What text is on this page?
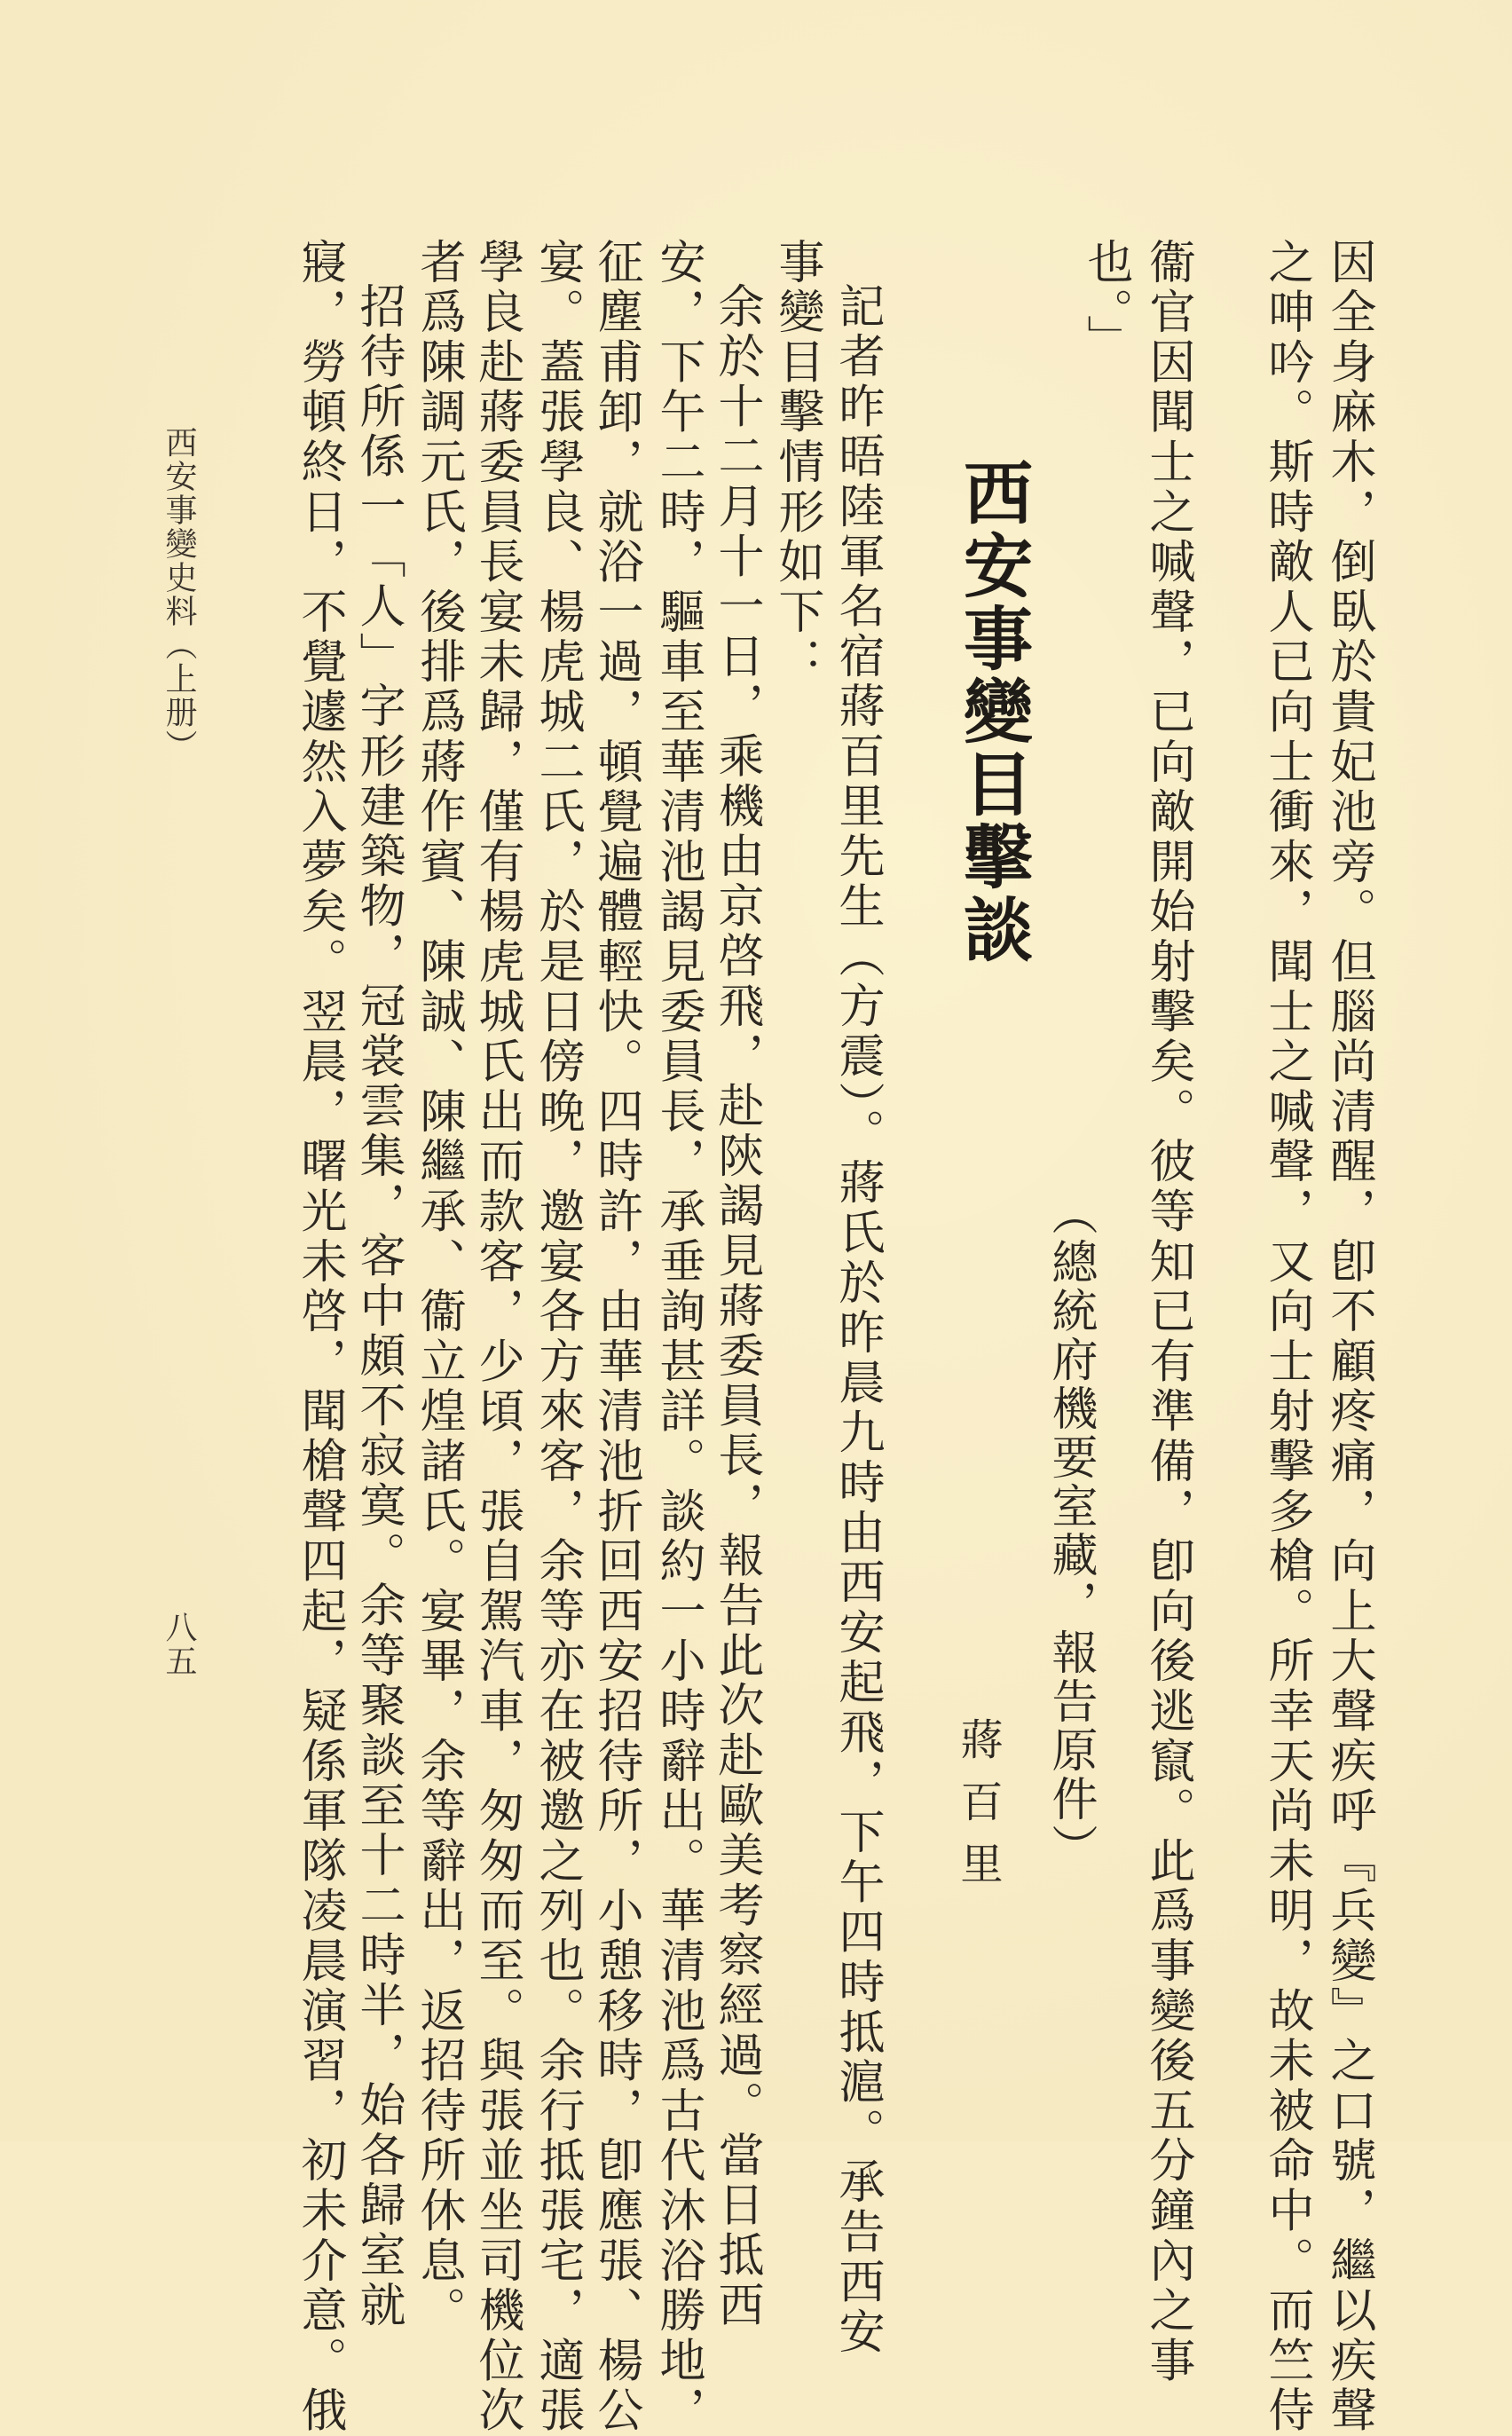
因全身麻木，倒臥於貴妃池旁。但腦尚清醒，卽不顧疼痛，向上大聲疾呼『兵變』之口號，繼以疾聲
之呻吟。斯時敵人已向士衝來，聞士之喊聲，又向士射擊多槍。所幸天尚未明，故未被命中。而竺侍
衞官因聞士之喊聲，已向敵開始射擊矣。彼等知已有準備，卽向後逃竄。此爲事變後五分鐘內之事
也。」
（總統府機要室藏，報告原件）
西安事變目擊談
蔣百里
記者昨晤陸軍名宿蔣百里先生（方震）。蔣氏於昨晨九時由西安起飛，下午四時抵滬。承告西安
事變目擊情形如下：
余於十二月十一日，乘機由京啓飛，赴陝謁見蔣委員長，報告此次赴歐美考察經過。當日抵西
安，下午二時，驅車至華清池謁見委員長，承垂詢甚詳。談約一小時辭出。華清池爲古代沐浴勝地，
征塵甫卸，就浴一過，頓覺遍體輕快。四時許，由華清池折回西安招待所，小憩移時，卽應張、楊公
宴。蓋張學良、楊虎城二氏，於是日傍晚，邀宴各方來客，余等亦在被邀之列也。余行抵張宅，適張
學良赴蔣委員長宴未歸，僅有楊虎城氏出而款客，少頃，張自駕汽車，匆匆而至。與張並坐司機位次
者爲陳調元氏，後排爲蔣作賓、陳誠、陳繼承、衞立煌諸氏。宴畢，余等辭出，返招待所休息。
招待所係一「人」字形建築物，冠裳雲集，客中頗不寂寞。余等聚談至十二時半，始各歸室就
寢，勞頓終日，不覺遽然入夢矣。翌晨，曙光未啓，聞槍聲四起，疑係軍隊凌晨演習，初未介意。俄
西安事變史料（上册）
八五
